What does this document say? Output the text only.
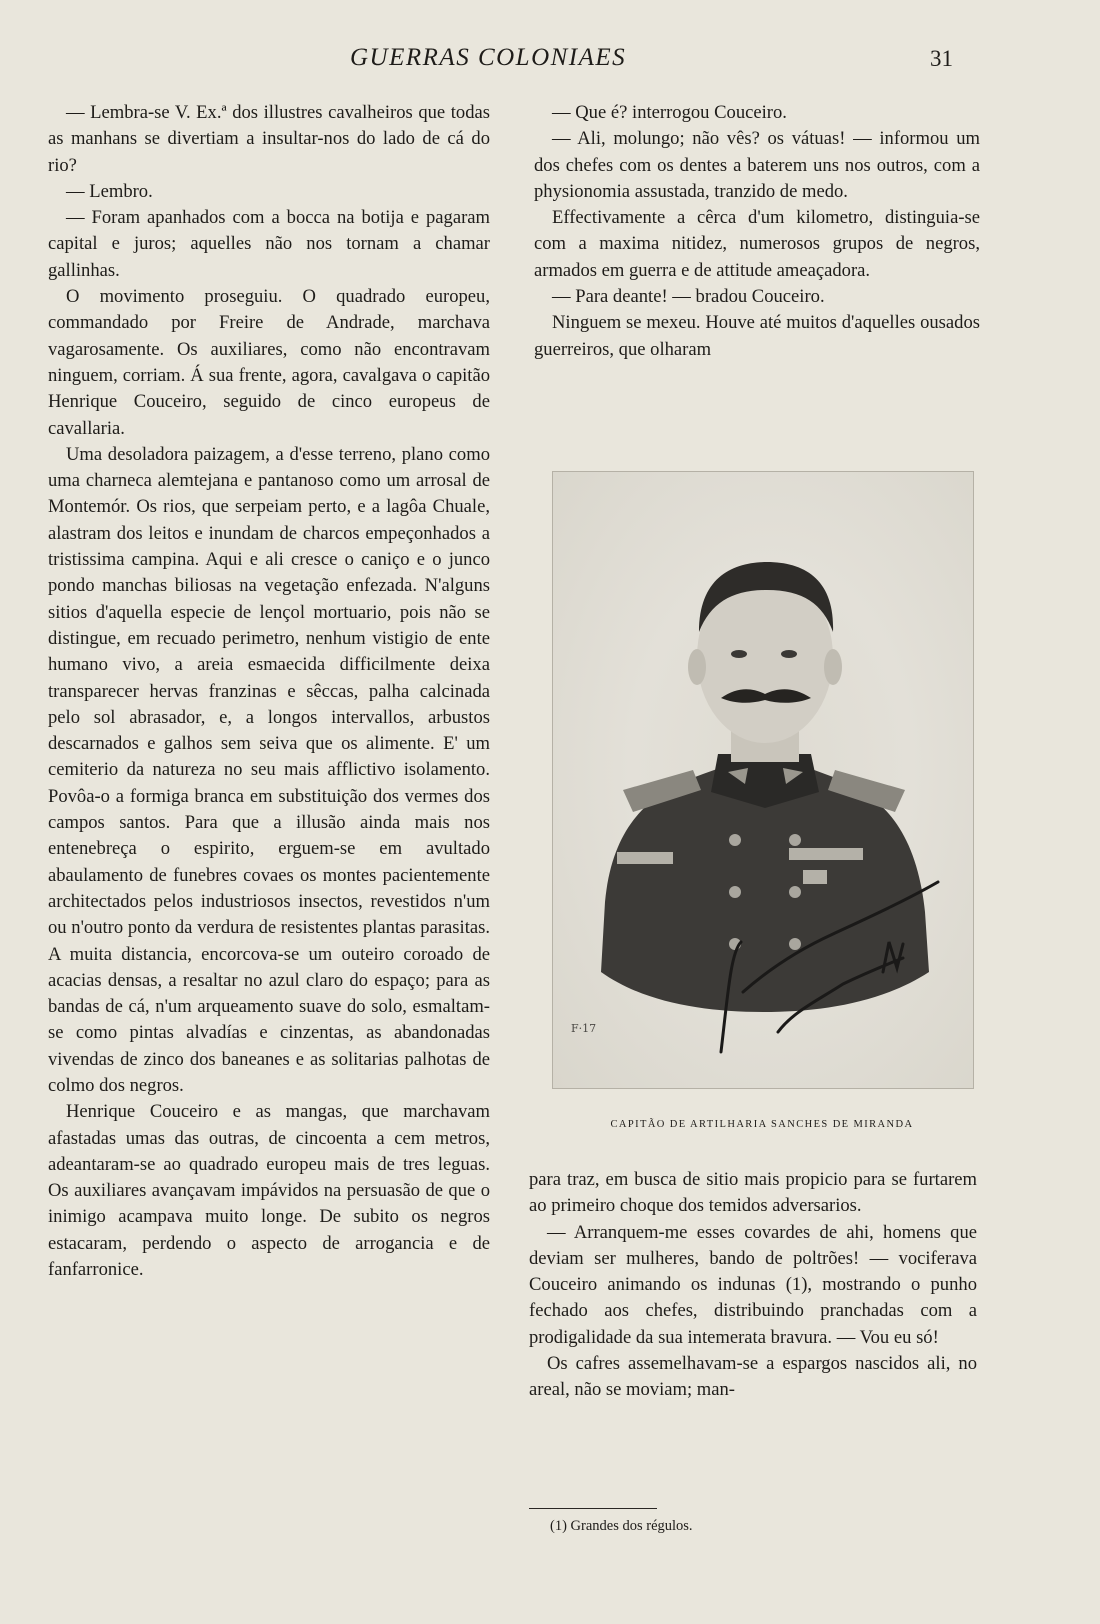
GUERRAS COLONIAES	31

— Lembra-se V. Ex.ª dos illustres cavalheiros que todas as manhans se divertiam a insultar-nos do lado de cá do rio?

— Lembro.

— Foram apanhados com a bocca na botija e pagaram capital e juros; aquelles não nos tornam a chamar gallinhas.

O movimento proseguiu. O quadrado europeu, commandado por Freire de Andrade, marchava vagarosamente. Os auxiliares, como não encontravam ninguem, corriam. Á sua frente, agora, cavalgava o capitão Henrique Couceiro, seguido de cinco europeus de cavallaria.

Uma desoladora paizagem, a d'esse terreno, plano como uma charneca alemtejana e pantanoso como um arrosal de Montemór. Os rios, que serpeiam perto, e a lagôa Chuale, alastram dos leitos e inundam de charcos empeçonhados a tristissima campina. Aqui e ali cresce o caniço e o junco pondo manchas biliosas na vegetação enfezada. N'alguns sitios d'aquella especie de lençol mortuario, pois não se distingue, em recuado perimetro, nenhum vistigio de ente humano vivo, a areia esmaecida difficilmente deixa transparecer hervas franzinas e sêccas, palha calcinada pelo sol abrasador, e, a longos intervallos, arbustos descarnados e galhos sem seiva que os alimente. E' um cemiterio da natureza no seu mais afflictivo isolamento. Povôa-o a formiga branca em substituição dos vermes dos campos santos. Para que a illusão ainda mais nos entenebreça o espirito, erguem-se em avultado abaulamento de funebres covaes os montes pacientemente architectados pelos industriosos insectos, revestidos n'um ou n'outro ponto da verdura de resistentes plantas parasitas. A muita distancia, encorcova-se um outeiro coroado de acacias densas, a resaltar no azul claro do espaço; para as bandas de cá, n'um arqueamento suave do solo, esmaltam-se como pintas alvadías e cinzentas, as abandonadas vivendas de zinco dos baneanes e as solitarias palhotas de colmo dos negros.

Henrique Couceiro e as mangas, que marchavam afastadas umas das outras, de cincoenta a cem metros, adeantaram-se ao quadrado europeu mais de tres leguas. Os auxiliares avançavam impávidos na persuasão de que o inimigo acampava muito longe. De subito os negros estacaram, perdendo o aspecto de arrogancia e de fanfarronice.

— Que é? interrogou Couceiro.

— Ali, molungo; não vês? os vátuas! — informou um dos chefes com os dentes a baterem uns nos outros, com a physionomia assustada, tranzido de medo.

Effectivamente a cêrca d'um kilometro, distinguia-se com a maxima nitidez, numerosos grupos de negros, armados em guerra e de attitude ameaçadora.

— Para deante! — bradou Couceiro.

Ninguem se mexeu. Houve até muitos d'aquelles ousados guerreiros, que olharam

F·17
CAPITÃO DE ARTILHARIA SANCHES DE MIRANDA

para traz, em busca de sitio mais propicio para se furtarem ao primeiro choque dos temidos adversarios.

— Arranquem-me esses covardes de ahi, homens que deviam ser mulheres, bando de poltrões! — vociferava Couceiro animando os indunas (1), mostrando o punho fechado aos chefes, distribuindo pranchadas com a prodigalidade da sua intemerata bravura. — Vou eu só!

Os cafres assemelhavam-se a espargos nascidos ali, no areal, não se moviam; man-

(1) Grandes dos régulos.
